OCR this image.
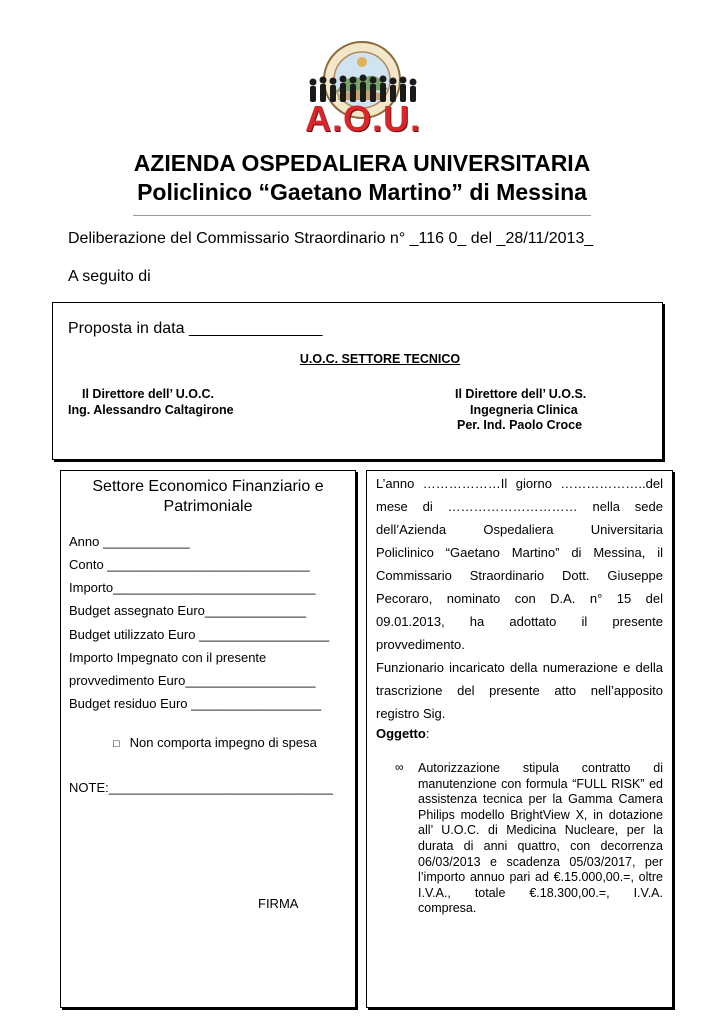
A.O.U.
AZIENDA OSPEDALIERA UNIVERSITARIA
Policlinico “Gaetano Martino” di Messina
Deliberazione del Commissario Straordinario n° _116 0_ del _28/11/2013_
A seguito di
Proposta in data _______________
U.O.C. SETTORE TECNICO
Il Direttore dell’ U.O.C.
Ing. Alessandro Caltagirone
Il Direttore dell’ U.O.S.
Ingegneria Clinica
Per. Ind. Paolo Croce
Settore Economico Finanziario e
Patrimoniale
Anno ____________
Conto ____________________________
Importo____________________________
Budget assegnato Euro______________
Budget utilizzato Euro __________________
Importo Impegnato con il presente
provvedimento Euro__________________
Budget residuo Euro __________________
□ Non comporta impegno di spesa
NOTE:_______________________________
FIRMA
L’anno ………………Il giorno ………………..del
mese di ………………………… nella sede
dell’Azienda Ospedaliera Universitaria
Policlinico “Gaetano Martino” di Messina, il
Commissario Straordinario Dott. Giuseppe
Pecoraro, nominato con D.A. n° 15 del
09.01.2013, ha adottato il presente
provvedimento.
Funzionario incaricato della numerazione e della
trascrizione del presente atto nell’apposito
registro Sig.
Oggetto:
∞ Autorizzazione stipula contratto di manutenzione con formula “FULL RISK” ed assistenza tecnica per la Gamma Camera Philips modello BrightView X, in dotazione all’ U.O.C. di Medicina Nucleare, per la durata di anni quattro, con decorrenza 06/03/2013 e scadenza 05/03/2017, per l’importo annuo pari ad €.15.000,00.=, oltre I.V.A., totale €.18.300,00.=, I.V.A. compresa.
